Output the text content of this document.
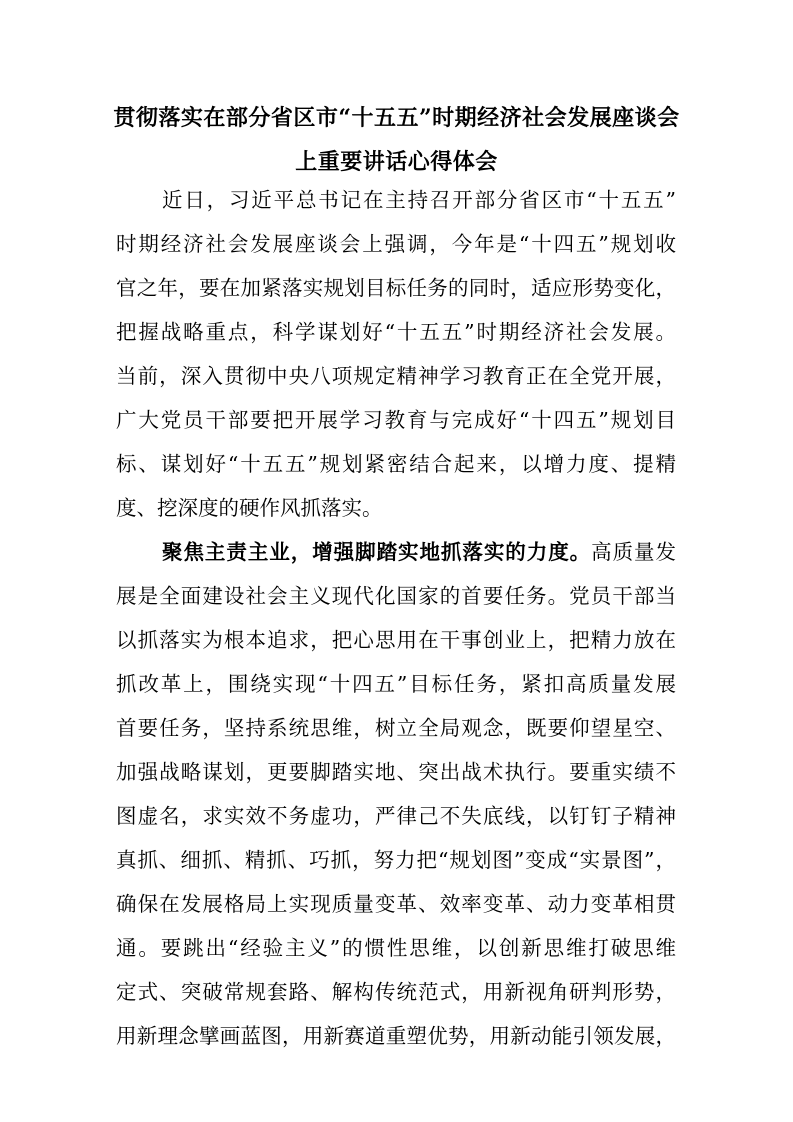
贯彻落实在部分省区市“十五五”时期经济社会发展座谈会
上重要讲话心得体会
近日，习近平总书记在主持召开部分省区市“十五五”
时期经济社会发展座谈会上强调，今年是“十四五”规划收
官之年，要在加紧落实规划目标任务的同时，适应形势变化，
把握战略重点，科学谋划好“十五五”时期经济社会发展。
当前，深入贯彻中央八项规定精神学习教育正在全党开展，
广大党员干部要把开展学习教育与完成好“十四五”规划目
标、谋划好“十五五”规划紧密结合起来，以增力度、提精
度、挖深度的硬作风抓落实。
聚焦主责主业，增强脚踏实地抓落实的力度。高质量发
展是全面建设社会主义现代化国家的首要任务。党员干部当
以抓落实为根本追求，把心思用在干事创业上，把精力放在
抓改革上，围绕实现“十四五”目标任务，紧扣高质量发展
首要任务，坚持系统思维，树立全局观念，既要仰望星空、
加强战略谋划，更要脚踏实地、突出战术执行。要重实绩不
图虚名，求实效不务虚功，严律己不失底线，以钉钉子精神
真抓、细抓、精抓、巧抓，努力把“规划图”变成“实景图”，
确保在发展格局上实现质量变革、效率变革、动力变革相贯
通。要跳出“经验主义”的惯性思维，以创新思维打破思维
定式、突破常规套路、解构传统范式，用新视角研判形势，
用新理念擘画蓝图，用新赛道重塑优势，用新动能引领发展，
